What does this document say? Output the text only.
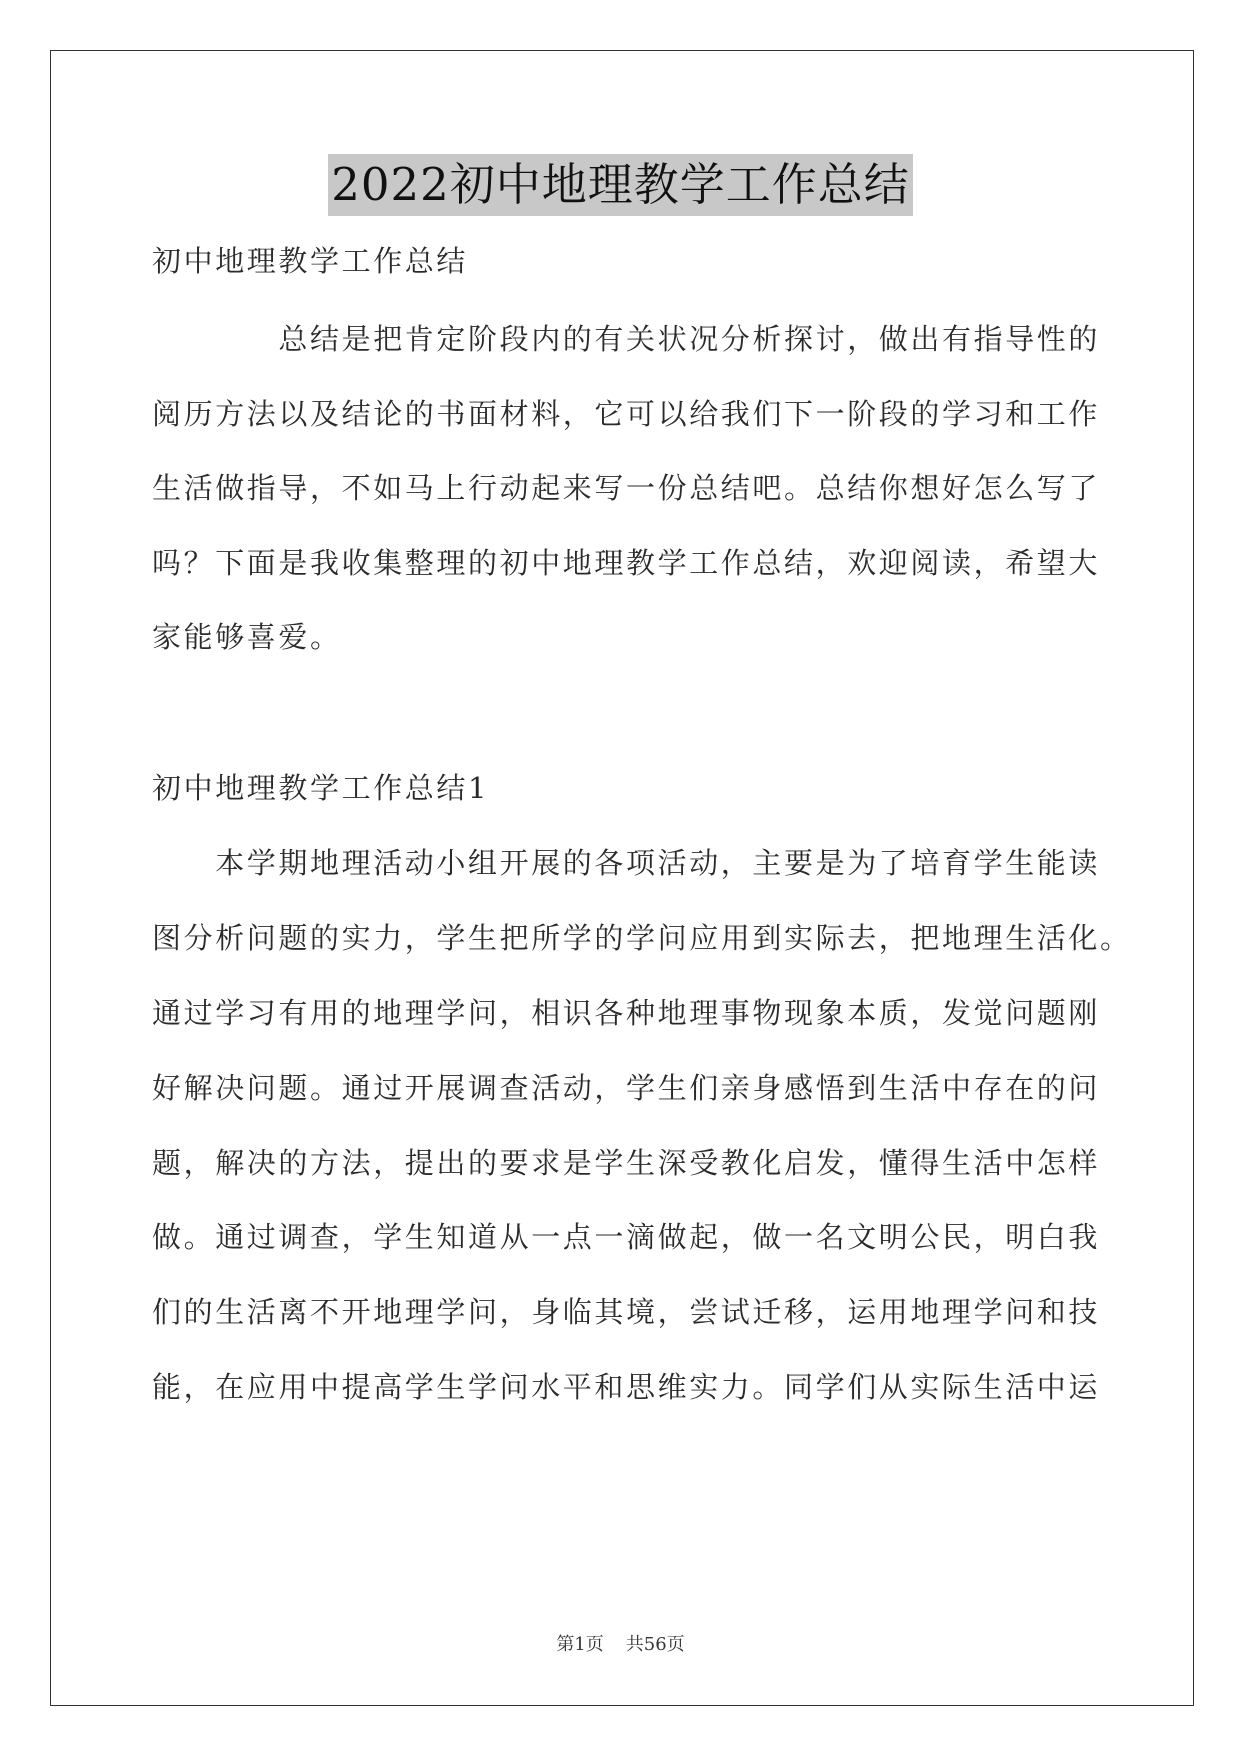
2022初中地理教学工作总结
初中地理教学工作总结
　　　　总结是把肯定阶段内的有关状况分析探讨，做出有指导性的
阅历方法以及结论的书面材料，它可以给我们下一阶段的学习和工作
生活做指导，不如马上行动起来写一份总结吧。总结你想好怎么写了
吗？下面是我收集整理的初中地理教学工作总结，欢迎阅读，希望大
家能够喜爱。
初中地理教学工作总结1
　　本学期地理活动小组开展的各项活动，主要是为了培育学生能读
图分析问题的实力，学生把所学的学问应用到实际去，把地理生活化。
通过学习有用的地理学问，相识各种地理事物现象本质，发觉问题刚
好解决问题。通过开展调查活动，学生们亲身感悟到生活中存在的问
题，解决的方法，提出的要求是学生深受教化启发，懂得生活中怎样
做。通过调查，学生知道从一点一滴做起，做一名文明公民，明白我
们的生活离不开地理学问，身临其境，尝试迁移，运用地理学问和技
能，在应用中提高学生学问水平和思维实力。同学们从实际生活中运
第1页 共56页
